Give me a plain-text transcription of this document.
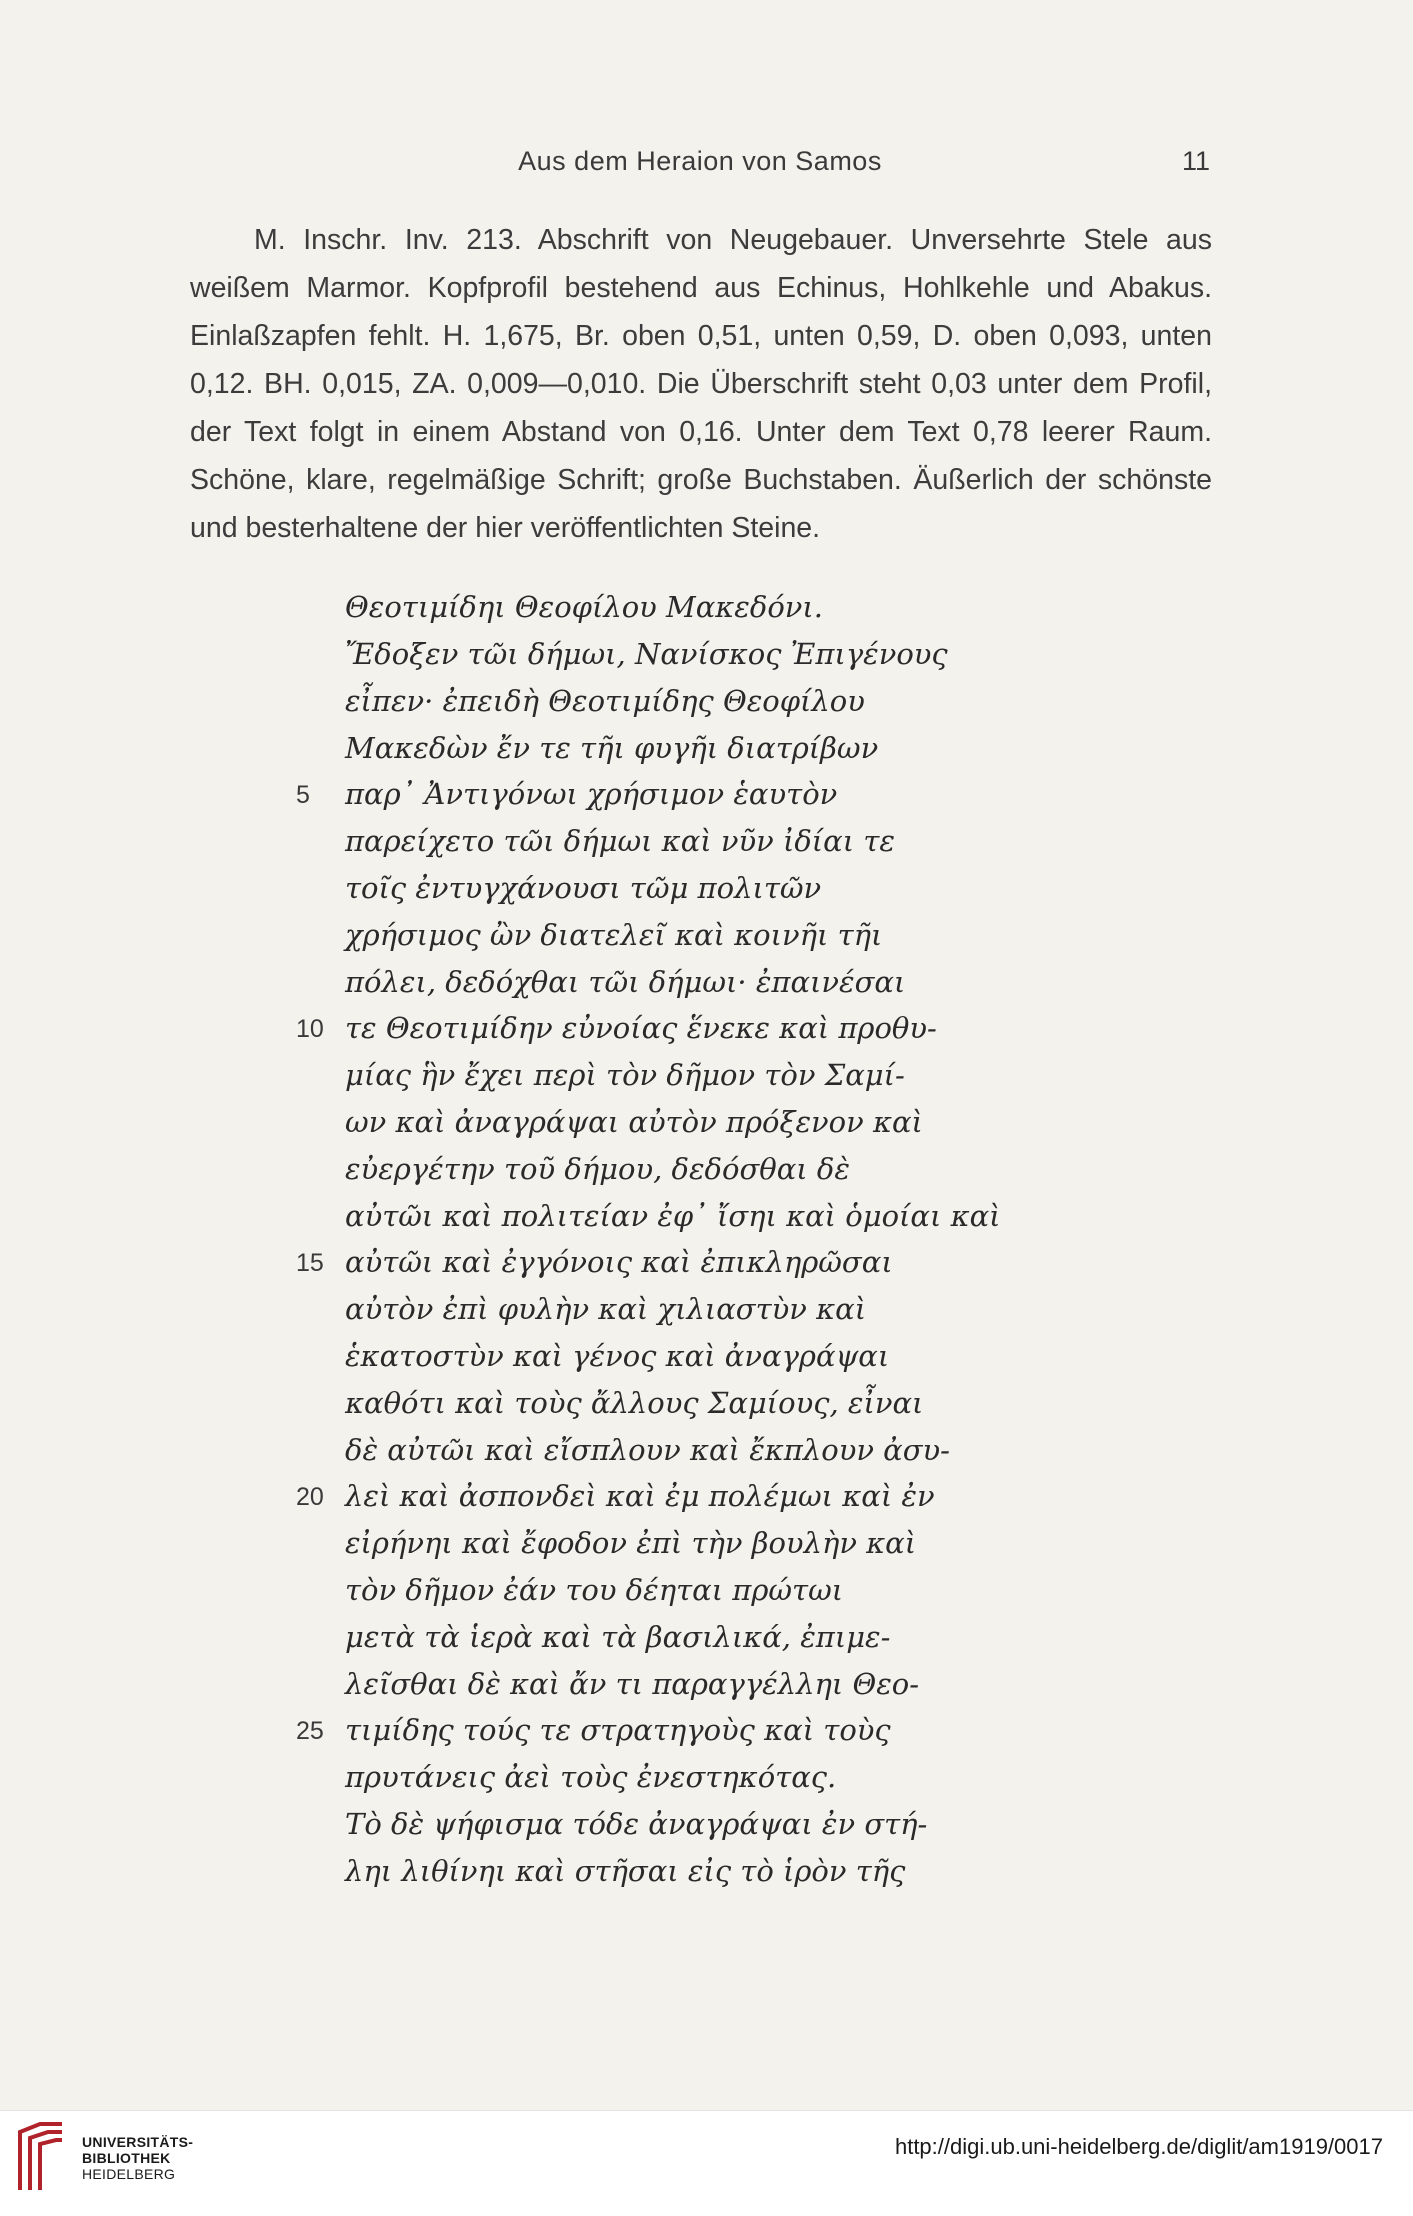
Aus dem Heraion von Samos	11

M. Inschr. Inv. 213. Abschrift von Neugebauer. Unversehrte Stele aus weißem Marmor. Kopfprofil bestehend aus Echinus, Hohlkehle und Abakus. Einlaßzapfen fehlt. H. 1,675, Br. oben 0,51, unten 0,59, D. oben 0,093, unten 0,12. BH. 0,015, ZA. 0,009—0,010. Die Überschrift steht 0,03 unter dem Profil, der Text folgt in einem Abstand von 0,16. Unter dem Text 0,78 leerer Raum. Schöne, klare, regelmäßige Schrift; große Buchstaben. Äußerlich der schönste und besterhaltene der hier veröffentlichten Steine.

Θεοτιμίδηι Θεοφίλου Μακεδόνι.
Ἔδοξεν τῶι δήμωι, Νανίσκος Ἐπιγένους
εἶπεν· ἐπειδὴ Θεοτιμίδης Θεοφίλου
Μακεδὼν ἔν τε τῆι φυγῆι διατρίβων
5	παρ᾽ Ἀντιγόνωι χρήσιμον ἑαυτὸν
παρείχετο τῶι δήμωι καὶ νῦν ἰδίαι τε
τοῖς ἐντυγχάνουσι τῶμ πολιτῶν
χρήσιμος ὢν διατελεῖ καὶ κοινῆι τῆι
πόλει, δεδόχθαι τῶι δήμωι· ἐπαινέσαι
10 τε Θεοτιμίδην εὐνοίας ἕνεκε καὶ προθυ-
μίας ἣν ἔχει περὶ τὸν δῆμον τὸν Σαμί-
ων καὶ ἀναγράψαι αὐτὸν πρόξενον καὶ
εὐεργέτην τοῦ δήμου, δεδόσθαι δὲ
αὐτῶι καὶ πολιτείαν ἐφ᾽ ἴσηι καὶ ὁμοίαι καὶ
15 αὐτῶι καὶ ἐγγόνοις καὶ ἐπικληρῶσαι
αὐτὸν ἐπὶ φυλὴν καὶ χιλιαστὺν καὶ
ἑκατοστὺν καὶ γένος καὶ ἀναγράψαι
καθότι καὶ τοὺς ἄλλους Σαμίους, εἶναι
δὲ αὐτῶι καὶ εἴσπλουν καὶ ἔκπλουν ἀσυ-
20 λεὶ καὶ ἀσπονδεὶ καὶ ἐμ πολέμωι καὶ ἐν
εἰρήνηι καὶ ἔφοδον ἐπὶ τὴν βουλὴν καὶ
τὸν δῆμον ἐάν του δέηται πρώτωι
μετὰ τὰ ἱερὰ καὶ τὰ βασιλικά, ἐπιμε-
λεῖσθαι δὲ καὶ ἄν τι παραγγέλληι Θεο-
25 τιμίδης τούς τε στρατηγοὺς καὶ τοὺς
πρυτάνεις ἀεὶ τοὺς ἐνεστηκότας.
Τὸ δὲ ψήφισμα τόδε ἀναγράψαι ἐν στή-
ληι λιθίνηι καὶ στῆσαι εἰς τὸ ἱρὸν τῆς
UNIVERSITÄTS-
BIBLIOTHEK
HEIDELBERG
http://digi.ub.uni-heidelberg.de/diglit/am1919/0017
